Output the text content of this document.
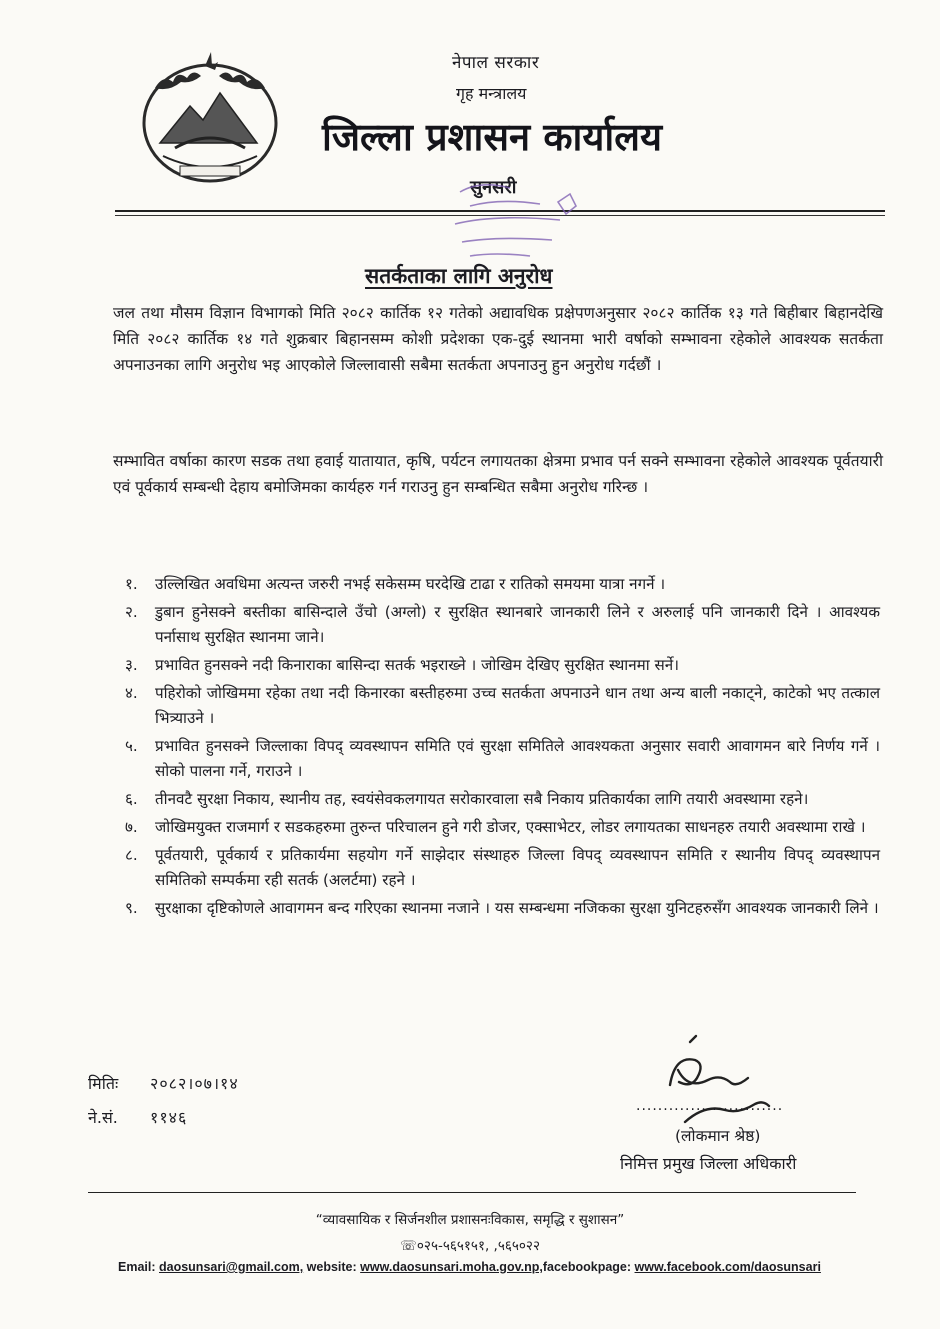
नेपाल सरकार
गृह मन्त्रालय
जिल्ला प्रशासन कार्यालय
सुनसरी
सतर्कताका लागि अनुरोध
जल तथा मौसम विज्ञान विभागको मिति २०८२ कार्तिक १२ गतेको अद्यावधिक प्रक्षेपणअनुसार २०८२ कार्तिक १३ गते बिहीबार बिहानदेखि मिति २०८२ कार्तिक १४ गते शुक्रबार बिहानसम्म कोशी प्रदेशका एक-दुई स्थानमा भारी वर्षाको सम्भावना रहेकोले आवश्यक सतर्कता अपनाउनका लागि अनुरोध भइ आएकोले जिल्लावासी सबैमा सतर्कता अपनाउनु हुन अनुरोध गर्दछौं ।
सम्भावित वर्षाका कारण सडक तथा हवाई यातायात, कृषि, पर्यटन लगायतका क्षेत्रमा प्रभाव पर्न सक्ने सम्भावना रहेकोले आवश्यक पूर्वतयारी एवं पूर्वकार्य सम्बन्धी देहाय बमोजिमका कार्यहरु गर्न गराउनु हुन सम्बन्धित सबैमा अनुरोध गरिन्छ ।
१.	उल्लिखित अवधिमा अत्यन्त जरुरी नभई सकेसम्म घरदेखि टाढा र रातिको समयमा यात्रा नगर्ने ।
२.	डुबान हुनेसक्ने बस्तीका बासिन्दाले उँचो (अग्लो) र सुरक्षित स्थानबारे जानकारी लिने र अरुलाई पनि जानकारी दिने । आवश्यक पर्नासाथ सुरक्षित स्थानमा जाने।
३.	प्रभावित हुनसक्ने नदी किनाराका बासिन्दा सतर्क भइराख्ने । जोखिम देखिए सुरक्षित स्थानमा सर्ने।
४.	पहिरोको जोखिममा रहेका तथा नदी किनारका बस्तीहरुमा उच्च सतर्कता अपनाउने धान तथा अन्य बाली नकाट्ने, काटेको भए तत्काल भित्र्याउने ।
५.	प्रभावित हुनसक्ने जिल्लाका विपद् व्यवस्थापन समिति एवं सुरक्षा समितिले आवश्यकता अनुसार सवारी आवागमन बारे निर्णय गर्ने । सोको पालना गर्ने, गराउने ।
६.	तीनवटै सुरक्षा निकाय, स्थानीय तह, स्वयंसेवकलगायत सरोकारवाला सबै निकाय प्रतिकार्यका लागि तयारी अवस्थामा रहने।
७.	जोखिमयुक्त राजमार्ग र सडकहरुमा तुरुन्त परिचालन हुने गरी डोजर, एक्साभेटर, लोडर लगायतका साधनहरु तयारी अवस्थामा राखे ।
८.	पूर्वतयारी, पूर्वकार्य र प्रतिकार्यमा सहयोग गर्ने साझेदार संस्थाहरु जिल्ला विपद् व्यवस्थापन समिति र स्थानीय विपद् व्यवस्थापन समितिको सम्पर्कमा रही सतर्क (अलर्टमा) रहने ।
९.	सुरक्षाका दृष्टिकोणले आवागमन बन्द गरिएका स्थानमा नजाने । यस सम्बन्धमा नजिकका सुरक्षा युनिटहरुसँग आवश्यक जानकारी लिने ।
मितिः २०८२।०७।१४
ने.सं. ११४६
...........................
(लोकमान श्रेष्ठ)
निमित्त प्रमुख जिल्ला अधिकारी
“व्यावसायिक र सिर्जनशील प्रशासनःविकास, समृद्धि र सुशासन”
☏०२५-५६५१५१, ,५६५०२२
Email: daosunsari@gmail.com, website: www.daosunsari.moha.gov.np,facebookpage: www.facebook.com/daosunsari
